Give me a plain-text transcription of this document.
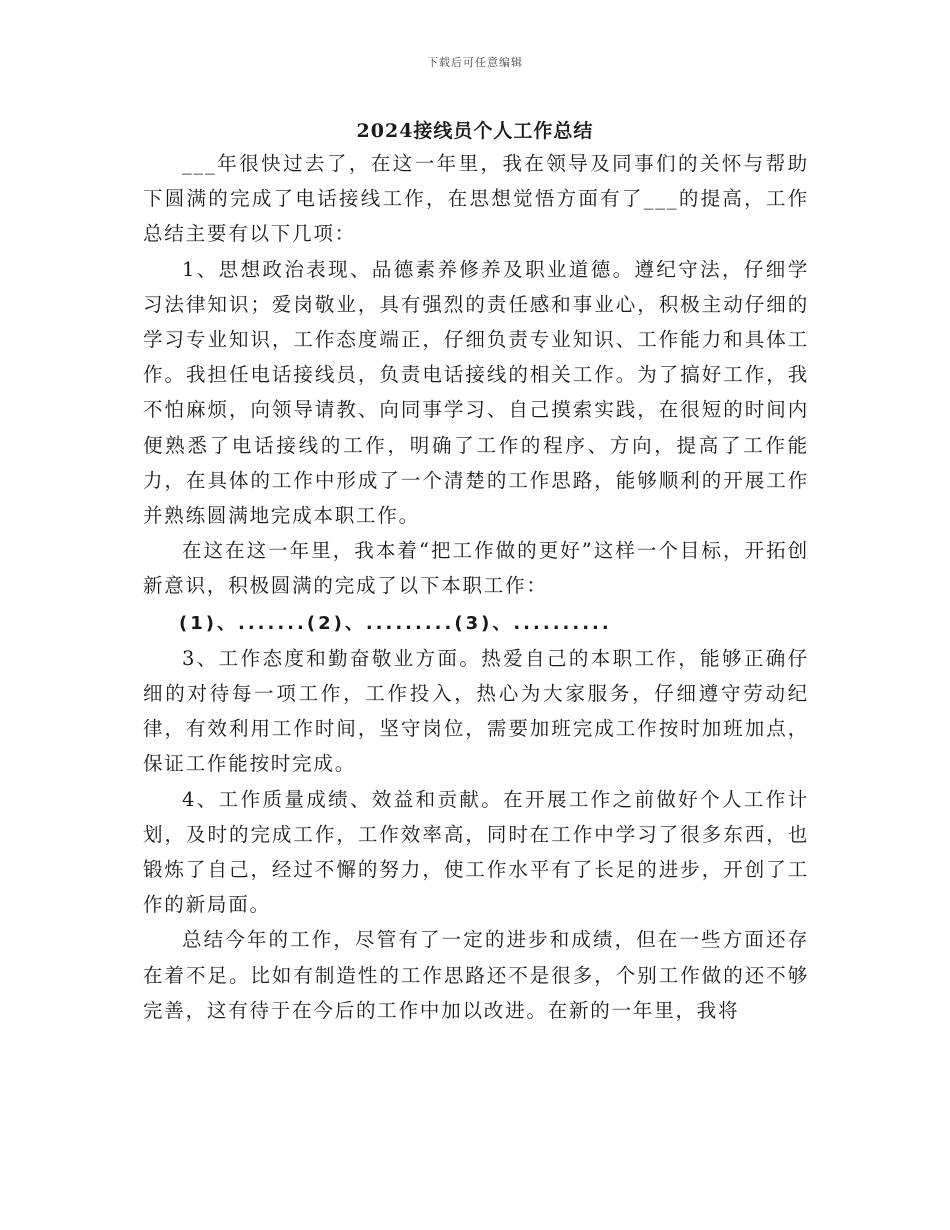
下载后可任意编辑
2024接线员个人工作总结

___年很快过去了，在这一年里，我在领导及同事们的关怀与帮助下圆满的完成了电话接线工作，在思想觉悟方面有了___的提高，工作总结主要有以下几项：

1、思想政治表现、品德素养修养及职业道德。遵纪守法，仔细学习法律知识；爱岗敬业，具有强烈的责任感和事业心，积极主动仔细的学习专业知识，工作态度端正，仔细负责专业知识、工作能力和具体工作。我担任电话接线员，负责电话接线的相关工作。为了搞好工作，我不怕麻烦，向领导请教、向同事学习、自己摸索实践，在很短的时间内便熟悉了电话接线的工作，明确了工作的程序、方向，提高了工作能力，在具体的工作中形成了一个清楚的工作思路，能够顺利的开展工作并熟练圆满地完成本职工作。

在这在这一年里，我本着“把工作做的更好”这样一个目标，开拓创新意识，积极圆满的完成了以下本职工作：

(1)、.......(2)、.........(3)、..........

3、工作态度和勤奋敬业方面。热爱自己的本职工作，能够正确仔细的对待每一项工作，工作投入，热心为大家服务，仔细遵守劳动纪律，有效利用工作时间，坚守岗位，需要加班完成工作按时加班加点，保证工作能按时完成。

4、工作质量成绩、效益和贡献。在开展工作之前做好个人工作计划，及时的完成工作，工作效率高，同时在工作中学习了很多东西，也锻炼了自己，经过不懈的努力，使工作水平有了长足的进步，开创了工作的新局面。

总结今年的工作，尽管有了一定的进步和成绩，但在一些方面还存在着不足。比如有制造性的工作思路还不是很多，个别工作做的还不够完善，这有待于在今后的工作中加以改进。在新的一年里，我将
